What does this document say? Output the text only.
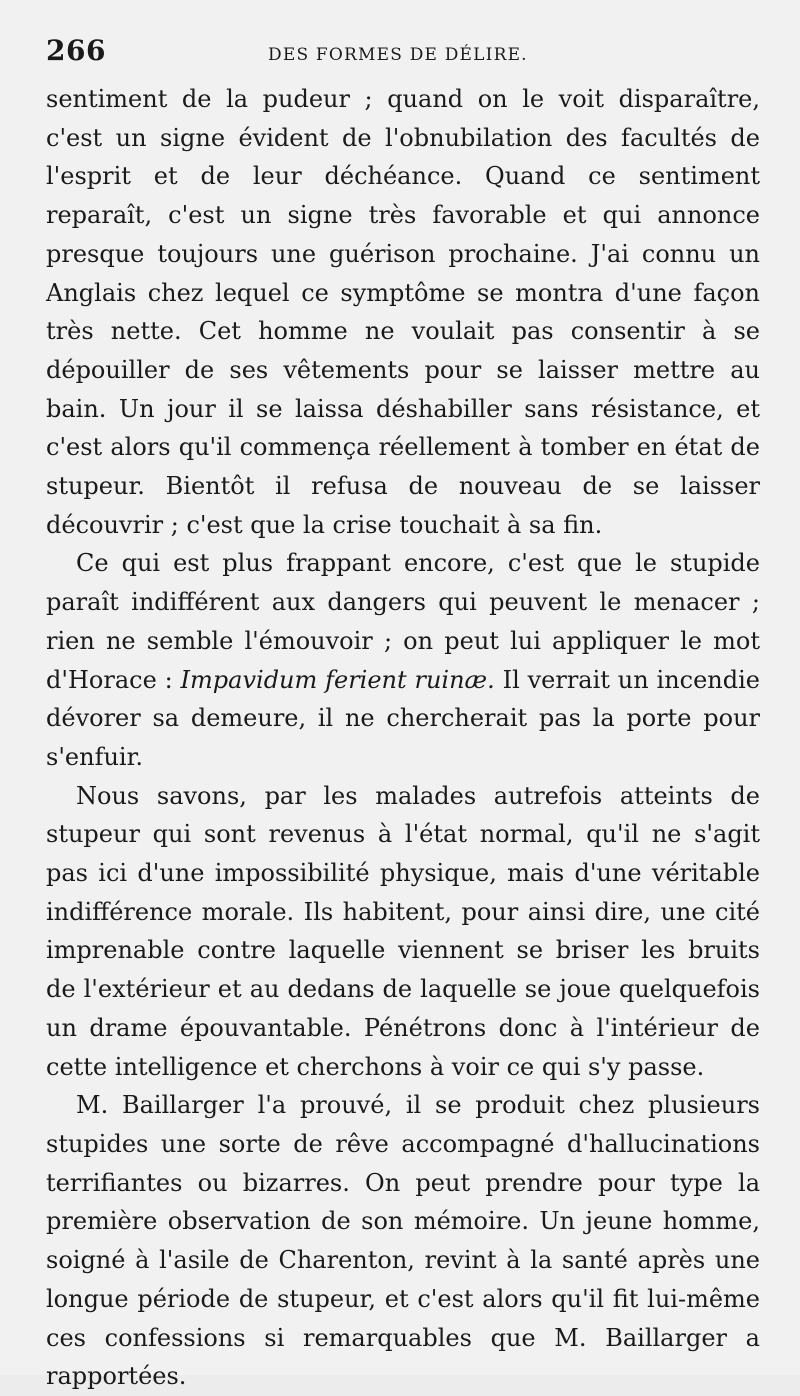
266	DES FORMES DE DÉLIRE.

sentiment de la pudeur ; quand on le voit disparaître, c'est un signe évident de l'obnubilation des facultés de l'esprit et de leur déchéance. Quand ce sentiment reparaît, c'est un signe très favorable et qui annonce presque toujours une guérison prochaine. J'ai connu un Anglais chez lequel ce symptôme se montra d'une façon très nette. Cet homme ne voulait pas consentir à se dépouiller de ses vêtements pour se laisser mettre au bain. Un jour il se laissa déshabiller sans résistance, et c'est alors qu'il commença réellement à tomber en état de stupeur. Bientôt il refusa de nouveau de se laisser découvrir ; c'est que la crise touchait à sa fin.

Ce qui est plus frappant encore, c'est que le stupide paraît indifférent aux dangers qui peuvent le menacer ; rien ne semble l'émouvoir ; on peut lui appliquer le mot d'Horace : Impavidum ferient ruinæ. Il verrait un incendie dévorer sa demeure, il ne chercherait pas la porte pour s'enfuir.

Nous savons, par les malades autrefois atteints de stupeur qui sont revenus à l'état normal, qu'il ne s'agit pas ici d'une impossibilité physique, mais d'une véritable indifférence morale. Ils habitent, pour ainsi dire, une cité imprenable contre laquelle viennent se briser les bruits de l'extérieur et au dedans de laquelle se joue quelquefois un drame épouvantable. Pénétrons donc à l'intérieur de cette intelligence et cherchons à voir ce qui s'y passe.

M. Baillarger l'a prouvé, il se produit chez plusieurs stupides une sorte de rêve accompagné d'hallucinations terrifiantes ou bizarres. On peut prendre pour type la première observation de son mémoire. Un jeune homme, soigné à l'asile de Charenton, revint à la santé après une longue période de stupeur, et c'est alors qu'il fit lui-même ces confessions si remarquables que M. Baillarger a rapportées.
